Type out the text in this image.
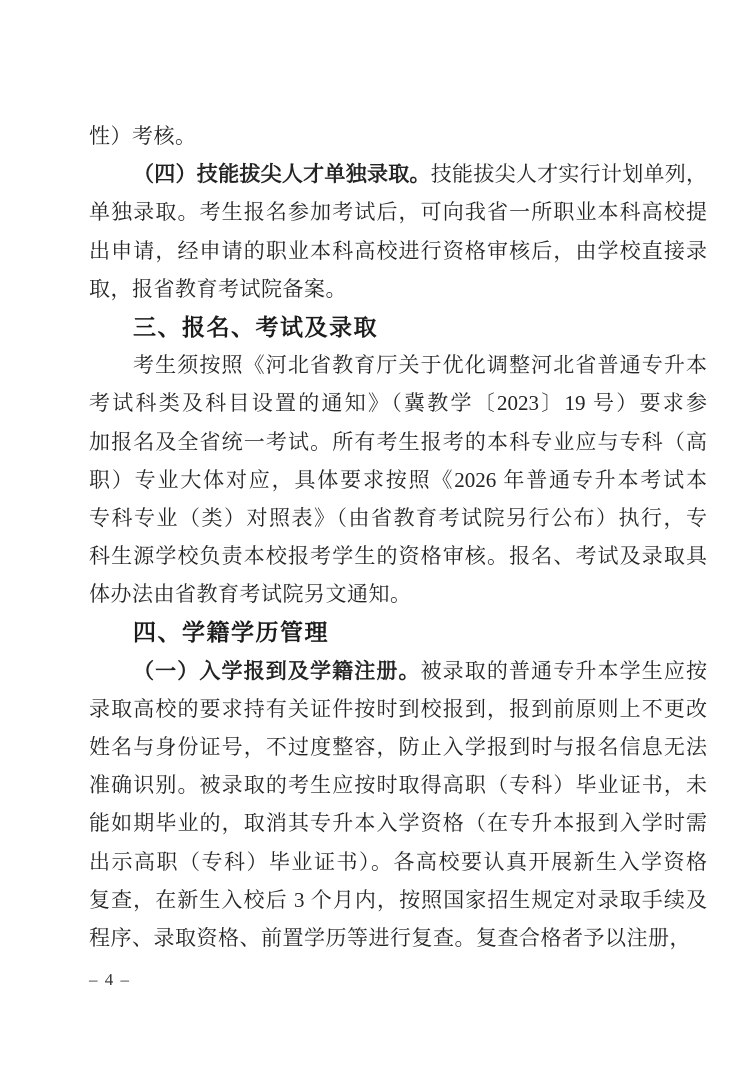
性）考核。
（四）技能拔尖人才单独录取。技能拔尖人才实行计划单列，
单独录取。考生报名参加考试后，可向我省一所职业本科高校提
出申请，经申请的职业本科高校进行资格审核后，由学校直接录
取，报省教育考试院备案。
三、报名、考试及录取
考生须按照《河北省教育厅关于优化调整河北省普通专升本
考试科类及科目设置的通知》（冀教学〔2023〕19 号）要求参
加报名及全省统一考试。所有考生报考的本科专业应与专科（高
职）专业大体对应，具体要求按照《2026 年普通专升本考试本
专科专业（类）对照表》（由省教育考试院另行公布）执行，专
科生源学校负责本校报考学生的资格审核。报名、考试及录取具
体办法由省教育考试院另文通知。
四、学籍学历管理
（一）入学报到及学籍注册。被录取的普通专升本学生应按
录取高校的要求持有关证件按时到校报到，报到前原则上不更改
姓名与身份证号，不过度整容，防止入学报到时与报名信息无法
准确识别。被录取的考生应按时取得高职（专科）毕业证书，未
能如期毕业的，取消其专升本入学资格（在专升本报到入学时需
出示高职（专科）毕业证书）。各高校要认真开展新生入学资格
复查，在新生入校后 3 个月内，按照国家招生规定对录取手续及
程序、录取资格、前置学历等进行复查。复查合格者予以注册，
– 4 –
